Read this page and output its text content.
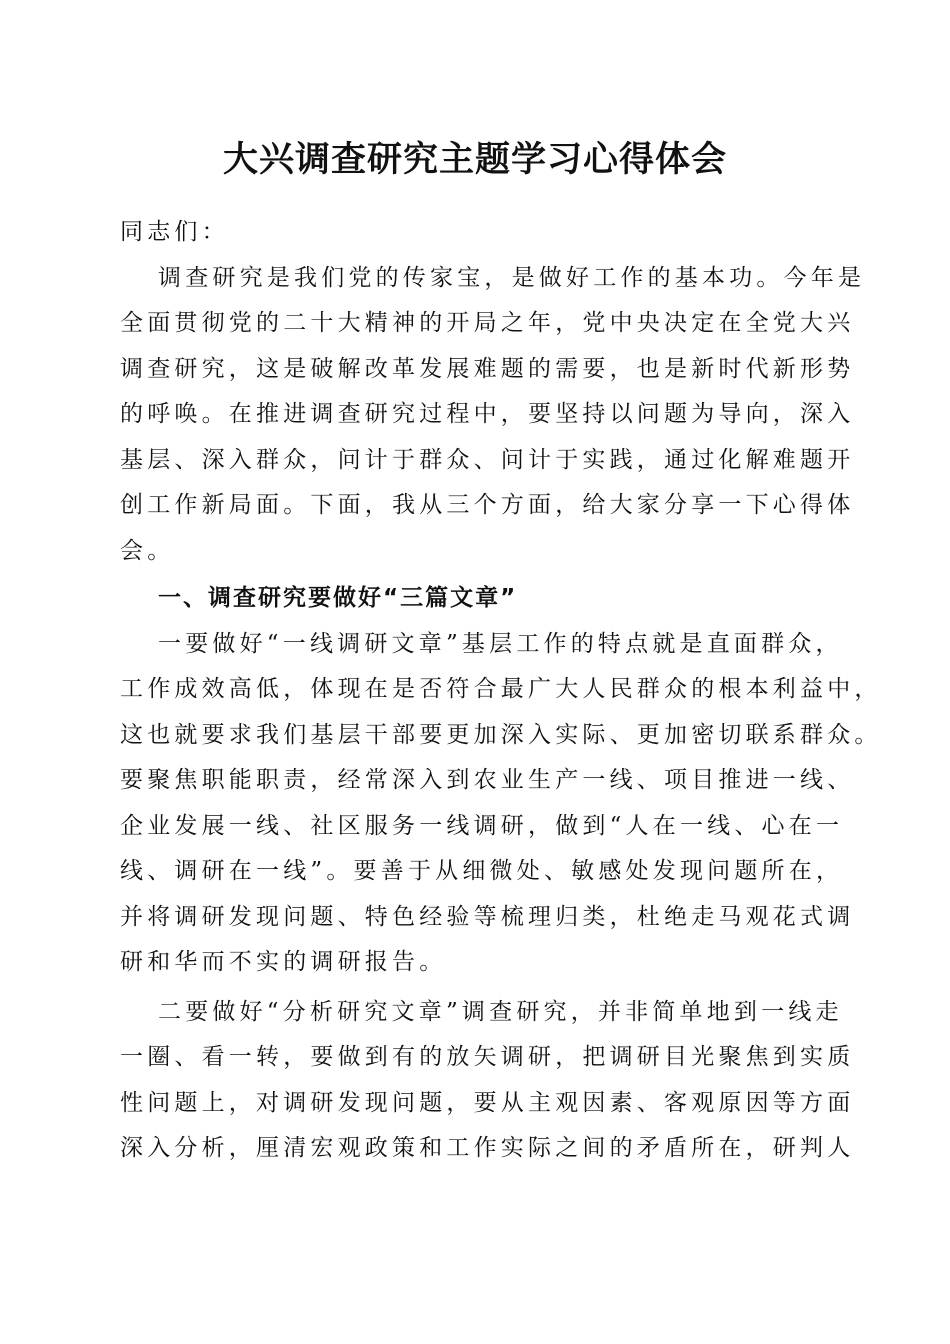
大兴调查研究主题学习心得体会
同志们：
调查研究是我们党的传家宝，是做好工作的基本功。今年是
全面贯彻党的二十大精神的开局之年，党中央决定在全党大兴
调查研究，这是破解改革发展难题的需要，也是新时代新形势
的呼唤。在推进调查研究过程中，要坚持以问题为导向，深入
基层、深入群众，问计于群众、问计于实践，通过化解难题开
创工作新局面。下面，我从三个方面，给大家分享一下心得体
会。
一、调查研究要做好“三篇文章”
一要做好“一线调研文章”基层工作的特点就是直面群众，
工作成效高低，体现在是否符合最广大人民群众的根本利益中，
这也就要求我们基层干部要更加深入实际、更加密切联系群众。
要聚焦职能职责，经常深入到农业生产一线、项目推进一线、
企业发展一线、社区服务一线调研，做到“人在一线、心在一
线、调研在一线”。要善于从细微处、敏感处发现问题所在，
并将调研发现问题、特色经验等梳理归类，杜绝走马观花式调
研和华而不实的调研报告。
二要做好“分析研究文章”调查研究，并非简单地到一线走
一圈、看一转，要做到有的放矢调研，把调研目光聚焦到实质
性问题上，对调研发现问题，要从主观因素、客观原因等方面
深入分析，厘清宏观政策和工作实际之间的矛盾所在，研判人
